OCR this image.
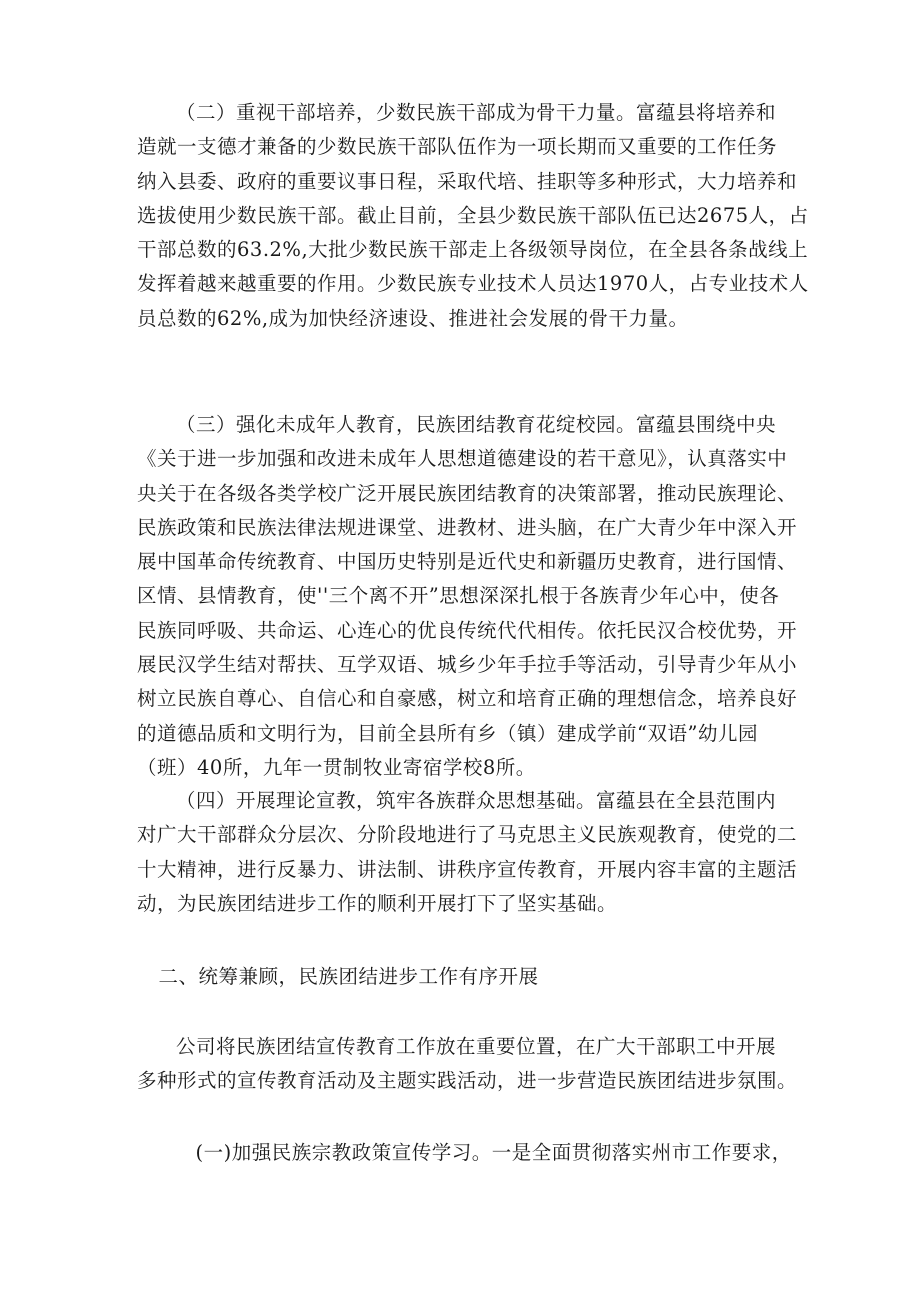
（二）重视干部培养，少数民族干部成为骨干力量。富蕴县将培养和
造就一支德才兼备的少数民族干部队伍作为一项长期而又重要的工作任务
纳入县委、政府的重要议事日程，采取代培、挂职等多种形式，大力培养和
选拔使用少数民族干部。截止目前，全县少数民族干部队伍已达2675人，占
干部总数的63.2%,大批少数民族干部走上各级领导岗位，在全县各条战线上
发挥着越来越重要的作用。少数民族专业技术人员达1970人，占专业技术人
员总数的62%,成为加快经济速设、推进社会发展的骨干力量。
（三）强化未成年人教育，民族团结教育花绽校园。富蕴县围绕中央
《关于进一步加强和改进未成年人思想道德建设的若干意见》，认真落实中
央关于在各级各类学校广泛开展民族团结教育的决策部署，推动民族理论、
民族政策和民族法律法规进课堂、进教材、进头脑，在广大青少年中深入开
展中国革命传统教育、中国历史特别是近代史和新疆历史教育，进行国情、
区情、县情教育，使''三个离不开”思想深深扎根于各族青少年心中，使各
民族同呼吸、共命运、心连心的优良传统代代相传。依托民汉合校优势，开
展民汉学生结对帮扶、互学双语、城乡少年手拉手等活动，引导青少年从小
树立民族自尊心、自信心和自豪感，树立和培育正确的理想信念，培养良好
的道德品质和文明行为，目前全县所有乡（镇）建成学前“双语”幼儿园
（班）40所，九年一贯制牧业寄宿学校8所。
（四）开展理论宣教，筑牢各族群众思想基础。富蕴县在全县范围内
对广大干部群众分层次、分阶段地进行了马克思主义民族观教育，使党的二
十大精神，进行反暴力、讲法制、讲秩序宣传教育，开展内容丰富的主题活
动，为民族团结进步工作的顺利开展打下了坚实基础。
二、统筹兼顾，民族团结进步工作有序开展
公司将民族团结宣传教育工作放在重要位置，在广大干部职工中开展
多种形式的宣传教育活动及主题实践活动，进一步营造民族团结进步氛围。
(一)加强民族宗教政策宣传学习。一是全面贯彻落实州市工作要求，
